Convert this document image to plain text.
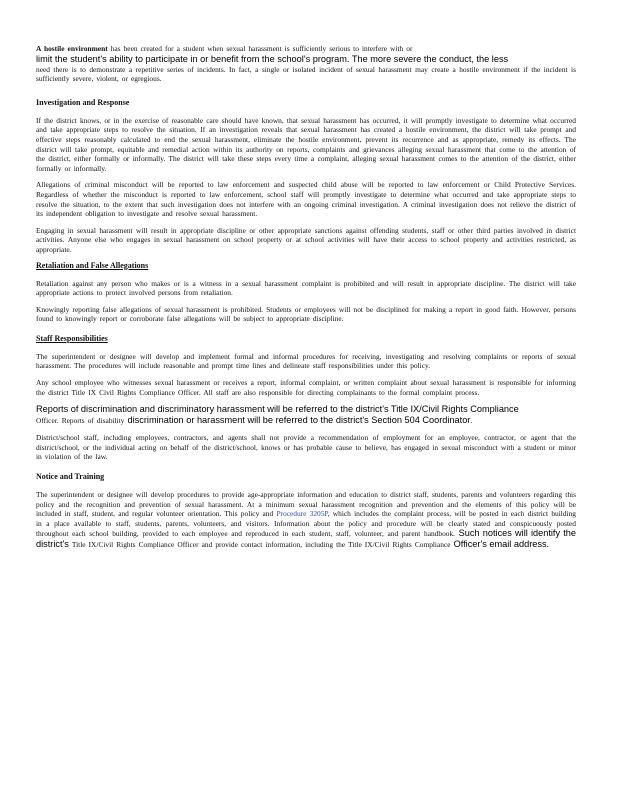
A hostile environment has been created for a student when sexual harassment is sufficiently serious to interfere with or
limit the student's ability to participate in or benefit from the school's program. The more severe the conduct, the less
need there is to demonstrate a repetitive series of incidents. In fact, a single or isolated incident of sexual harassment may create a hostile environment if the incident is sufficiently severe, violent, or egregious.

Investigation and Response

If the district knows, or in the exercise of reasonable care should have known, that sexual harassment has occurred, it will promptly investigate to determine what occurred and take appropriate steps to resolve the situation. If an investigation reveals that sexual harassment has created a hostile environment, the district will take prompt and effective steps reasonably calculated to end the sexual harassment, eliminate the hostile environment, prevent its recurrence and as appropriate, remedy its effects. The district will take prompt, equitable and remedial action within its authority on reports, complaints and grievances alleging sexual harassment that come to the attention of the district, either formally or informally. The district will take these steps every time a complaint, alleging sexual harassment comes to the attention of the district, either formally or informally.

Allegations of criminal misconduct will be reported to law enforcement and suspected child abuse will be reported to law enforcement or Child Protective Services. Regardless of whether the misconduct is reported to law enforcement, school staff will promptly investigate to determine what occurred and take appropriate steps to resolve the situation, to the extent that such investigation does not interfere with an ongoing criminal investigation. A criminal investigation does not relieve the district of its independent obligation to investigate and resolve sexual harassment.

Engaging in sexual harassment will result in appropriate discipline or other appropriate sanctions against offending students, staff or other third parties involved in district activities. Anyone else who engages in sexual harassment on school property or at school activities will have their access to school property and activities restricted, as appropriate.

Retaliation and False Allegations

Retaliation against any person who makes or is a witness in a sexual harassment complaint is prohibited and will result in appropriate discipline. The district will take appropriate actions to protect involved persons from retaliation.

Knowingly reporting false allegations of sexual harassment is prohibited. Students or employees will not be disciplined for making a report in good faith. However, persons found to knowingly report or corroborate false allegations will be subject to appropriate discipline.

Staff Responsibilities

The superintendent or designee will develop and implement formal and informal procedures for receiving, investigating and resolving complaints or reports of sexual harassment. The procedures will include reasonable and prompt time lines and delineate staff responsibilities under this policy.

Any school employee who witnesses sexual harassment or receives a report, informal complaint, or written complaint about sexual harassment is responsible for informing the district Title IX Civil Rights Compliance Officer. All staff are also responsible for directing complainants to the formal complaint process.

Reports of discrimination and discriminatory harassment will be referred to the district's Title IX/Civil Rights Compliance
Officer. Reports of disability discrimination or harassment will be referred to the district's Section 504 Coordinator.

District/school staff, including employees, contractors, and agents shall not provide a recommendation of employment for an employee, contractor, or agent that the district/school, or the individual acting on behalf of the district/school, knows or has probable cause to believe, has engaged in sexual misconduct with a student or minor in violation of the law.

Notice and Training

The superintendent or designee will develop procedures to provide age-appropriate information and education to district staff, students, parents and volunteers regarding this policy and the recognition and prevention of sexual harassment. At a minimum sexual harassment recognition and prevention and the elements of this policy will be included in staff, student, and regular volunteer orientation. This policy and Procedure 3205P, which includes the complaint process, will be posted in each district building in a place available to staff, students, parents, volunteers, and visitors. Information about the policy and procedure will be clearly stated and conspicuously posted throughout each school building, provided to each employee and reproduced in each student, staff, volunteer, and parent handbook. Such notices will identify the district's Title IX/Civil Rights Compliance Officer and provide contact information, including the Title IX/Civil Rights Compliance Officer's email address.
